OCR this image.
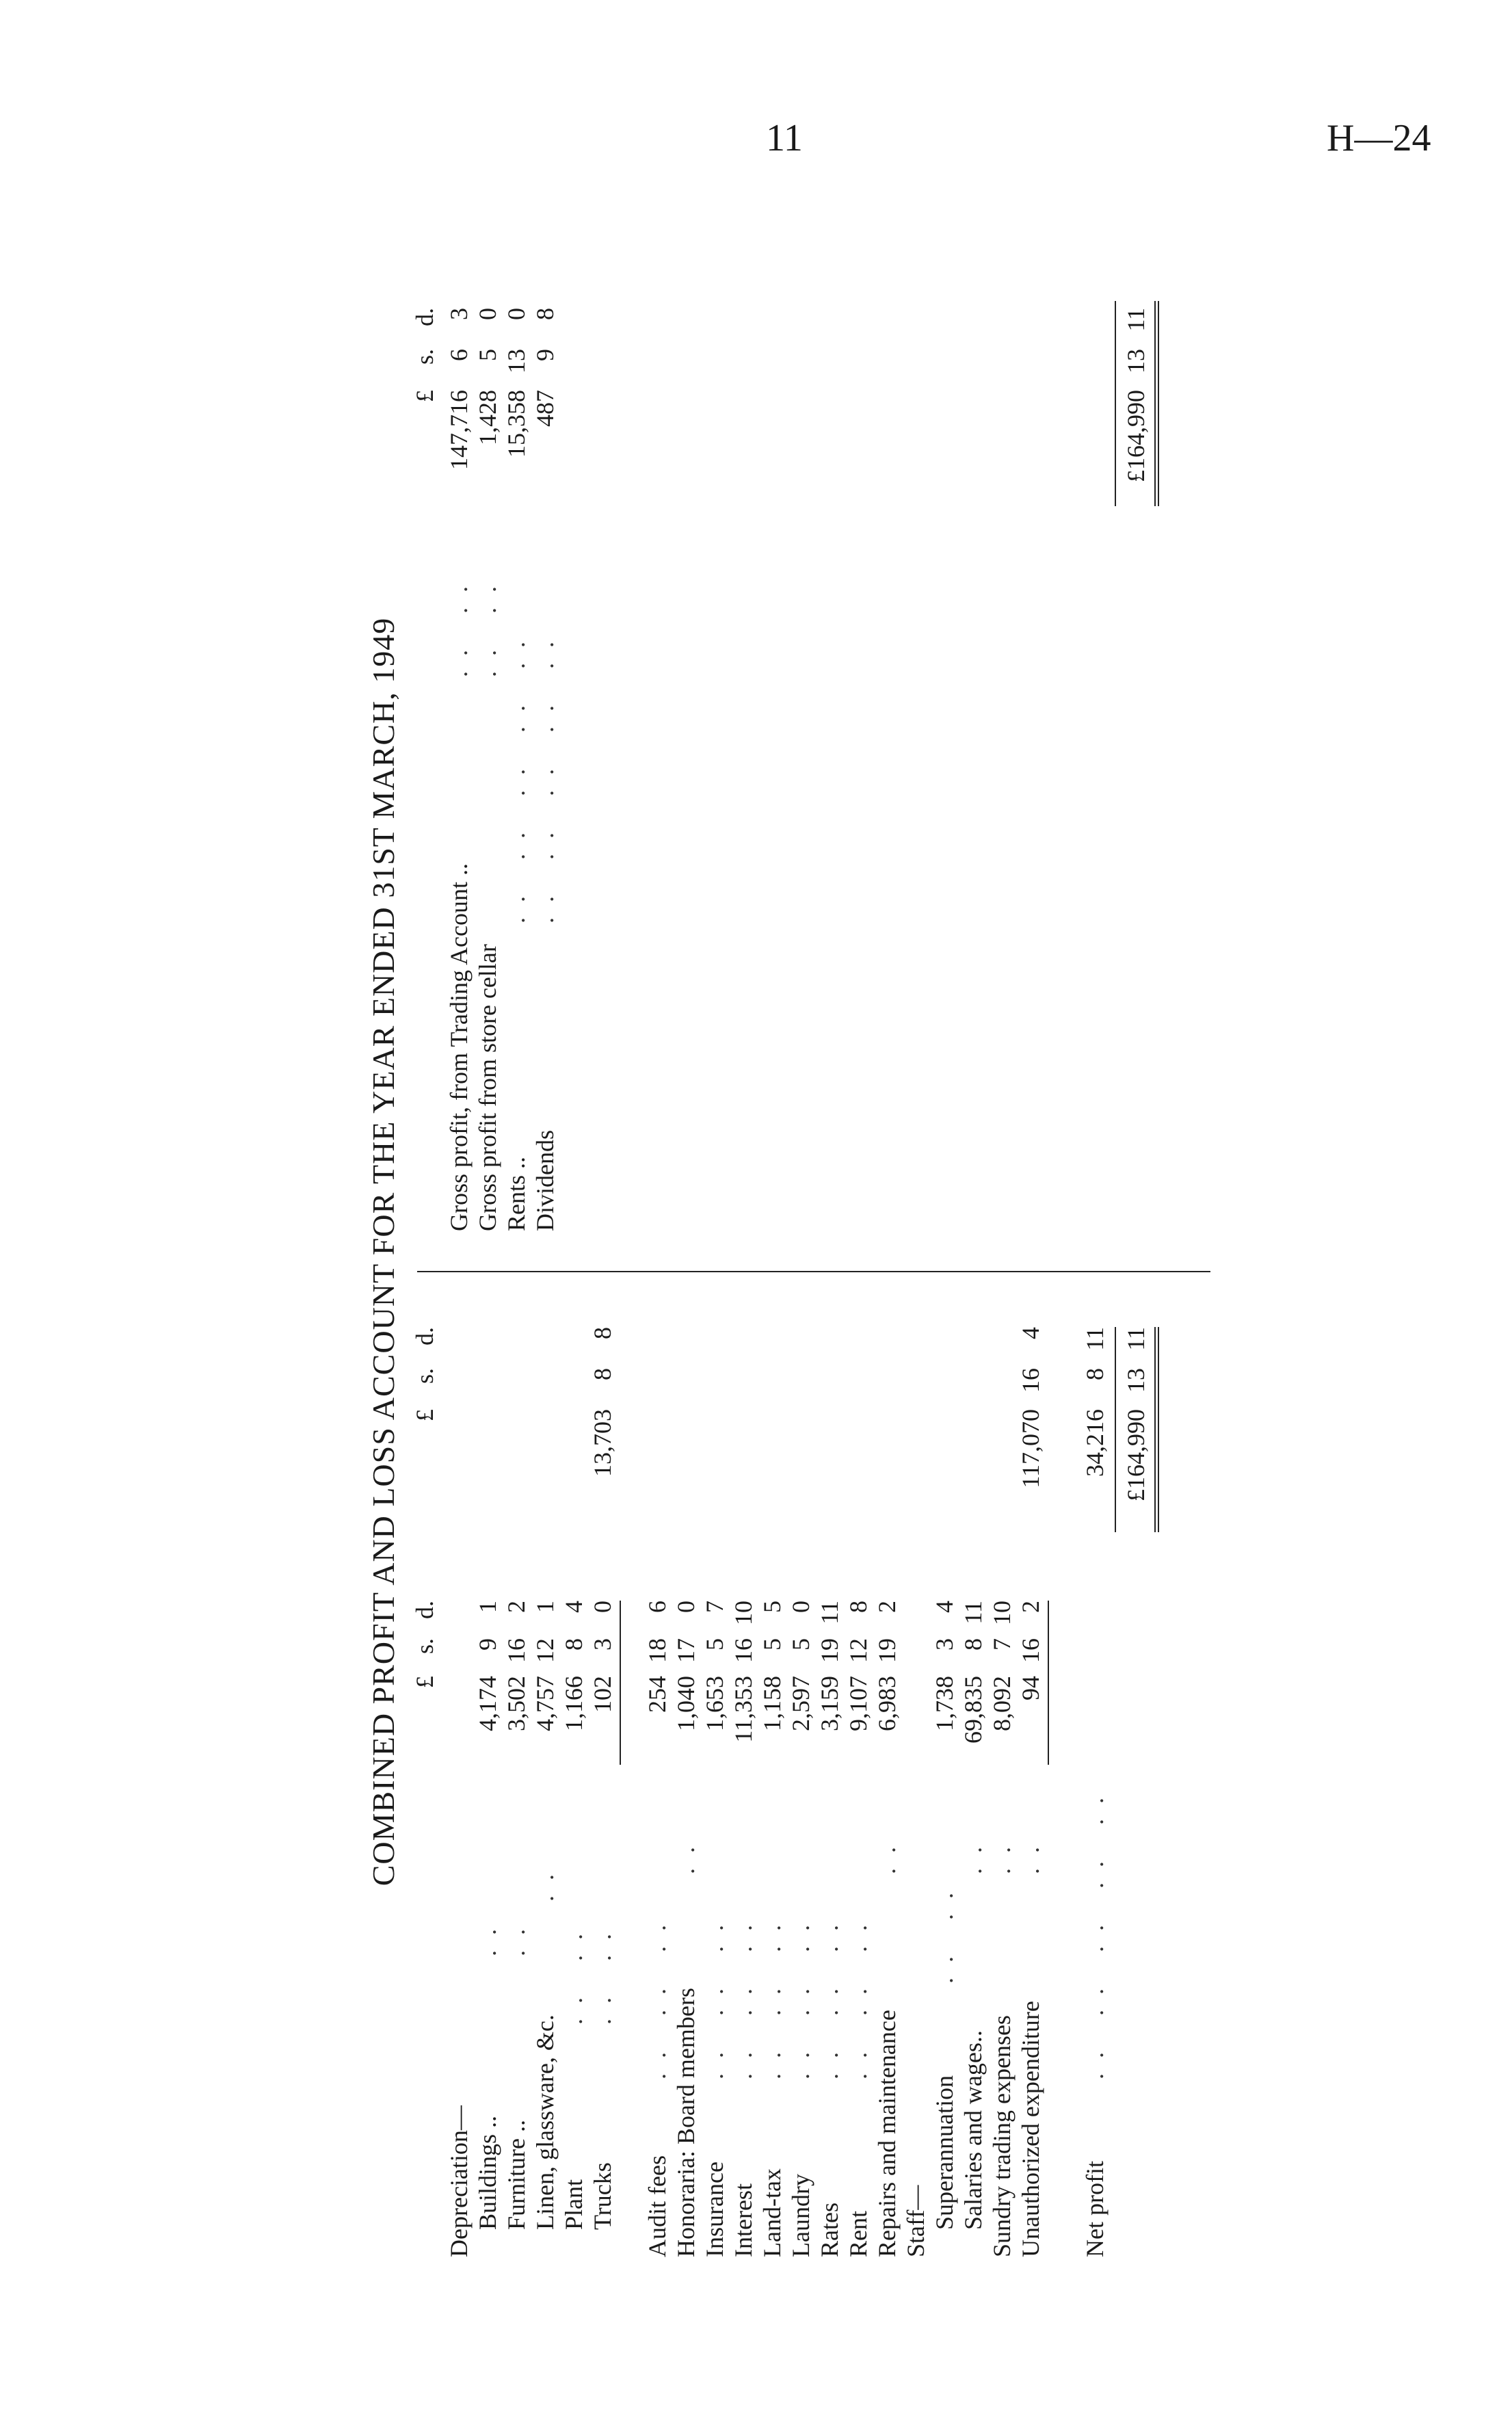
11	H—24
COMBINED PROFIT AND LOSS ACCOUNT FOR THE YEAR ENDED 31ST MARCH, 1949 £
s.
d.
£
s.
d.
Depreciation— Buildings ..
..
4,174
9
1
Furniture ..
..
3,502
16
2
Linen, glassware, &c.
..
4,757
12
1
Plant
.. ..
1,166
8
4
Trucks
.. ..
102
3
0
13,703
8
8
Audit fees
.. .. ..
254
18
6
Honoraria: Board members
..
1,040
17
0
Insurance
.. .. ..
1,653
5
7
Interest
.. .. ..
11,353
16
10
Land-tax
.. .. ..
1,158
5
5
Laundry
.. .. ..
2,597
5
0
Rates
.. .. ..
3,159
19
11
Rent
.. .. ..
9,107
12
8
Repairs and maintenance
..
6,983
19
2
Staff— Superannuation
.. ..
1,738
3
4
Salaries and wages..
..
69,835
8
11
Sundry trading expenses
..
8,092
7
10
Unauthorized expenditure
..
94
16
2
117,070
16
4
Net profit
.. .. .. .. ..
34,216
8
11
£164,990
13
11
£
s.
d.
Gross profit, from Trading Account ..
.. ..
147,716
6
3
Gross profit from store cellar
.. ..
1,428
5
0
Rents ..
.. .. .. .. ..
15,358
13
0
Dividends
.. .. .. .. ..
487
9
8
£164,990
13
11
